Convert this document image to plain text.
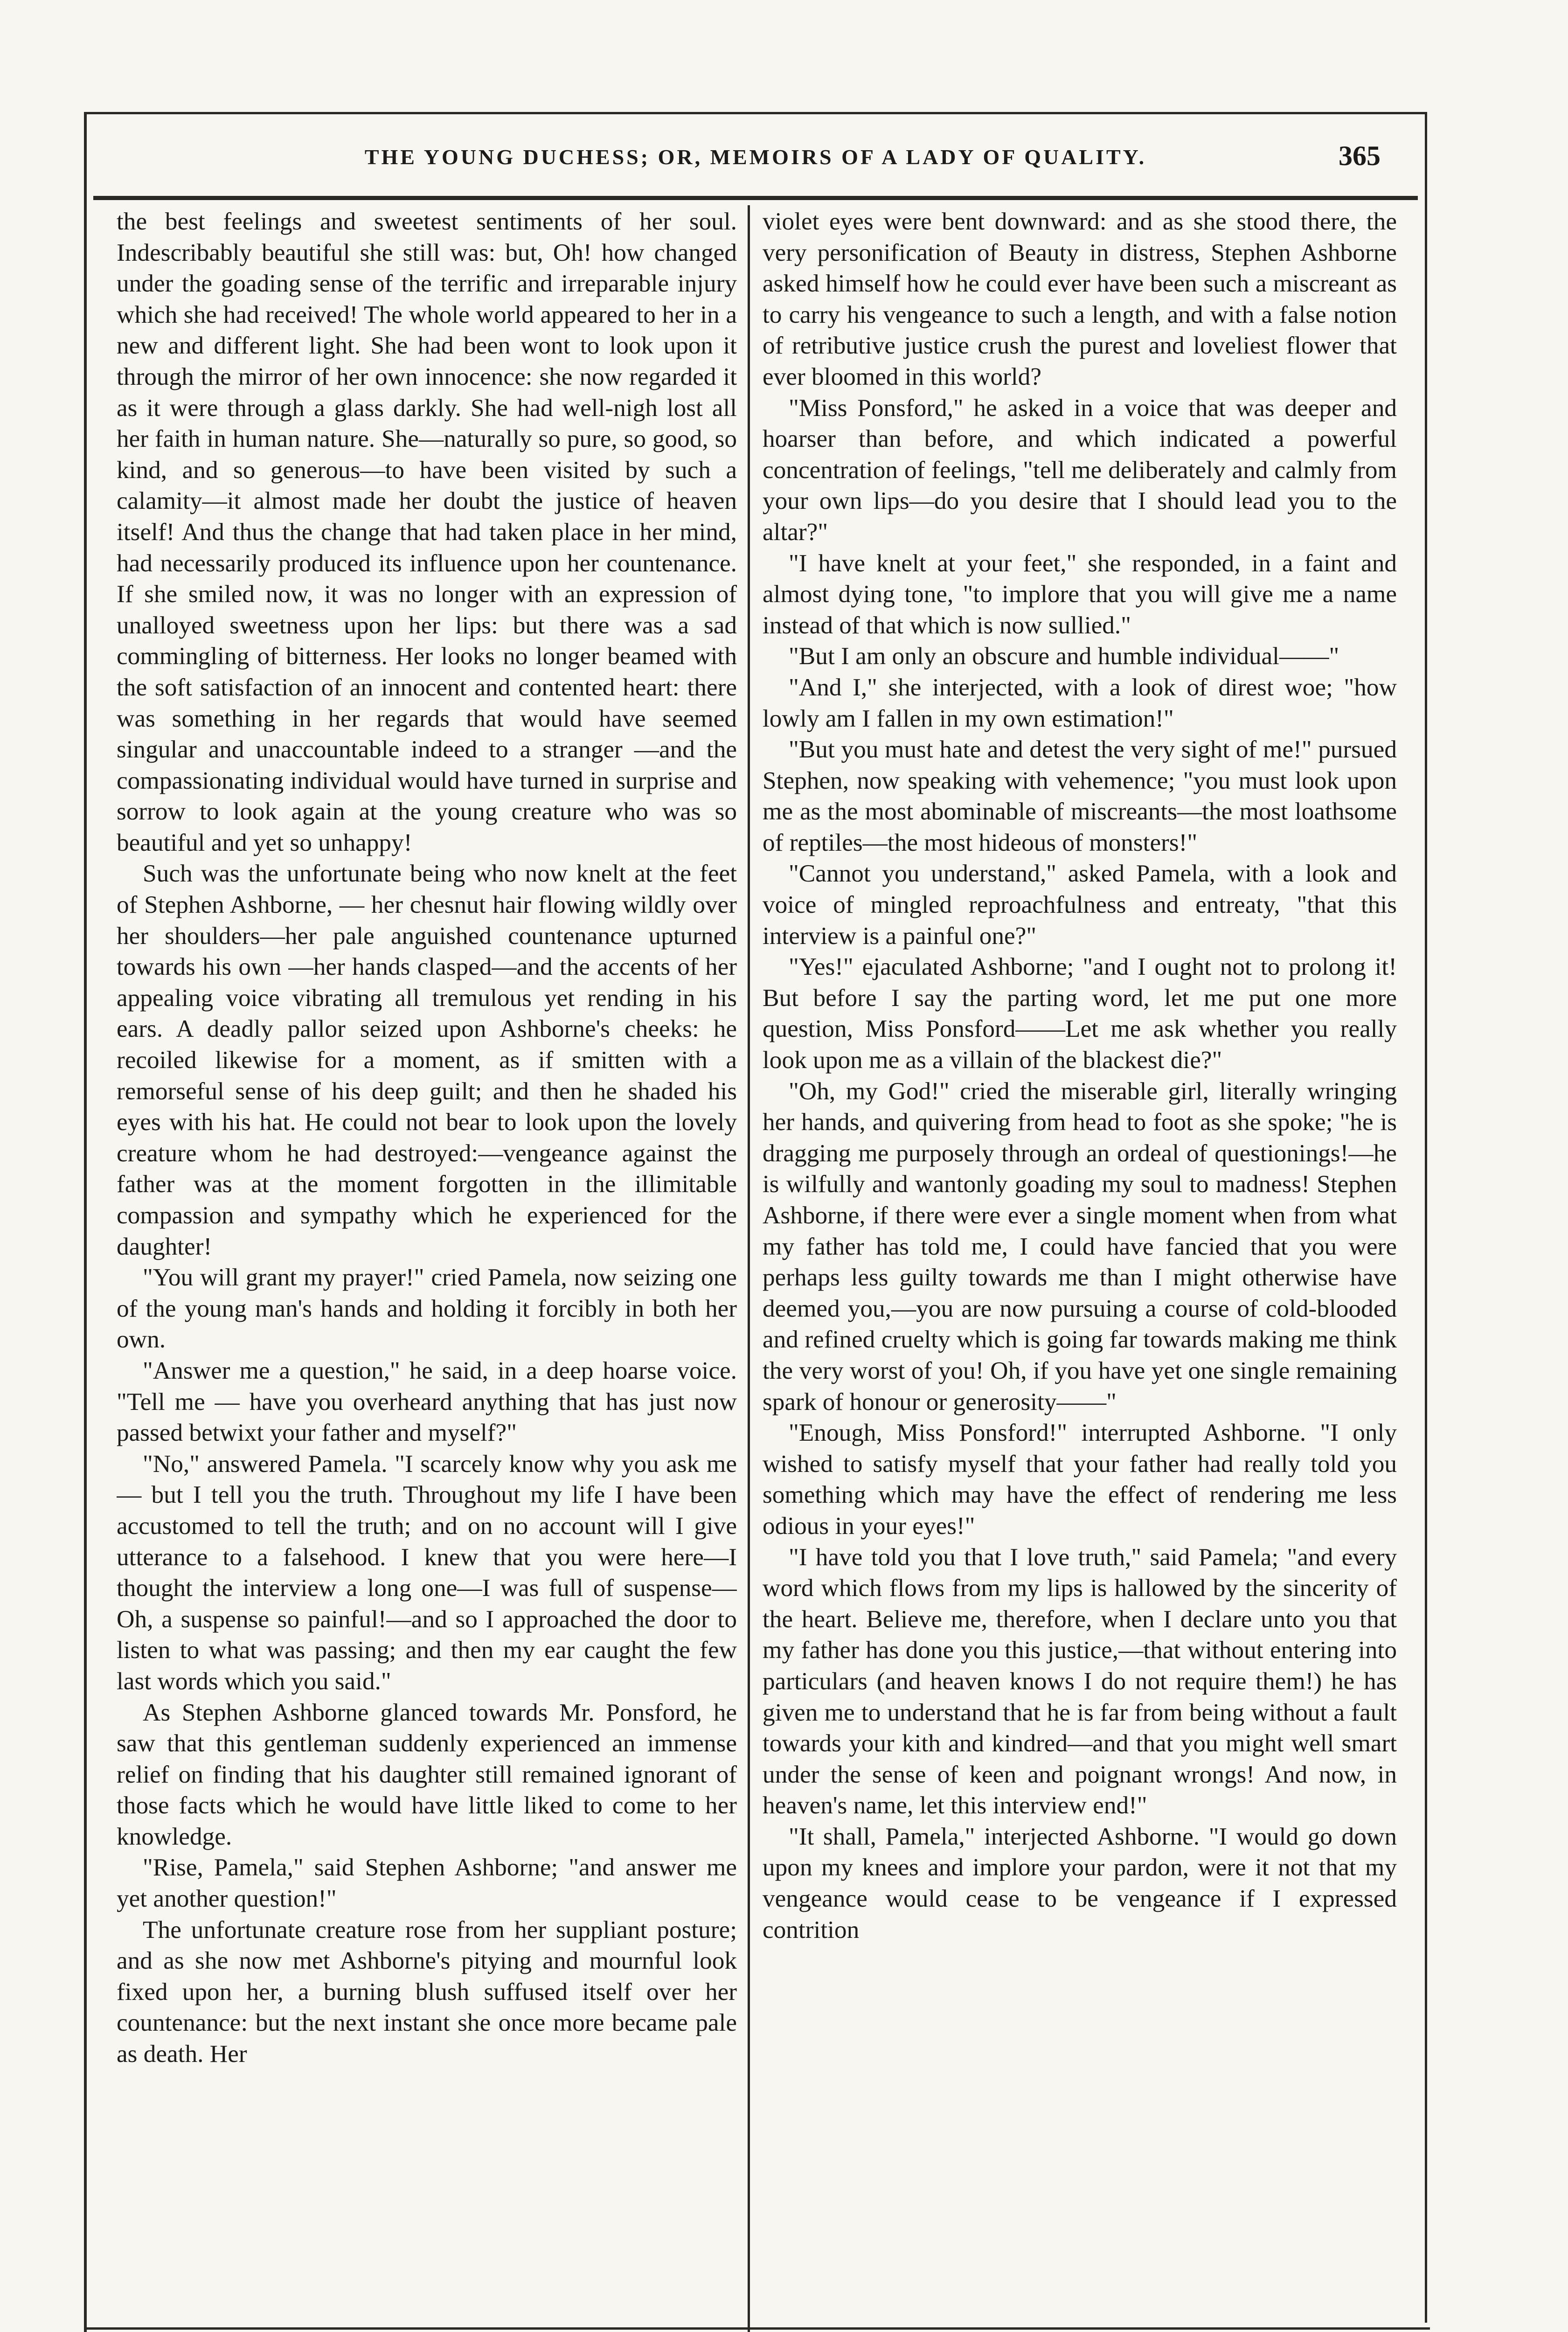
THE YOUNG DUCHESS; OR, MEMOIRS OF A LADY OF QUALITY.	365

the best feelings and sweetest sentiments of her soul. Indescribably beautiful she still was: but, Oh! how changed under the goading sense of the terrific and irreparable injury which she had received! The whole world appeared to her in a new and different light. She had been wont to look upon it through the mirror of her own innocence: she now regarded it as it were through a glass darkly. She had well-nigh lost all her faith in human nature. She—naturally so pure, so good, so kind, and so generous—to have been visited by such a calamity—it almost made her doubt the justice of heaven itself! And thus the change that had taken place in her mind, had necessarily produced its influence upon her countenance. If she smiled now, it was no longer with an expression of unalloyed sweetness upon her lips: but there was a sad commingling of bitterness. Her looks no longer beamed with the soft satisfaction of an innocent and contented heart: there was something in her regards that would have seemed singular and unaccountable indeed to a stranger —and the compassionating individual would have turned in surprise and sorrow to look again at the young creature who was so beautiful and yet so unhappy!

Such was the unfortunate being who now knelt at the feet of Stephen Ashborne, — her chesnut hair flowing wildly over her shoulders—her pale anguished countenance upturned towards his own —her hands clasped—and the accents of her appealing voice vibrating all tremulous yet rending in his ears. A deadly pallor seized upon Ashborne's cheeks: he recoiled likewise for a moment, as if smitten with a remorseful sense of his deep guilt; and then he shaded his eyes with his hat. He could not bear to look upon the lovely creature whom he had destroyed:—vengeance against the father was at the moment forgotten in the illimitable compassion and sympathy which he experienced for the daughter!

"You will grant my prayer!" cried Pamela, now seizing one of the young man's hands and holding it forcibly in both her own.

"Answer me a question," he said, in a deep hoarse voice. "Tell me — have you overheard anything that has just now passed betwixt your father and myself?"

"No," answered Pamela. "I scarcely know why you ask me — but I tell you the truth. Throughout my life I have been accustomed to tell the truth; and on no account will I give utterance to a falsehood. I knew that you were here—I thought the interview a long one—I was full of suspense—Oh, a suspense so painful!—and so I approached the door to listen to what was passing; and then my ear caught the few last words which you said."

As Stephen Ashborne glanced towards Mr. Ponsford, he saw that this gentleman suddenly experienced an immense relief on finding that his daughter still remained ignorant of those facts which he would have little liked to come to her knowledge.

"Rise, Pamela," said Stephen Ashborne; "and answer me yet another question!"

The unfortunate creature rose from her suppliant posture; and as she now met Ashborne's pitying and mournful look fixed upon her, a burning blush suffused itself over her countenance: but the next instant she once more became pale as death. Her

violet eyes were bent downward: and as she stood there, the very personification of Beauty in distress, Stephen Ashborne asked himself how he could ever have been such a miscreant as to carry his vengeance to such a length, and with a false notion of retributive justice crush the purest and loveliest flower that ever bloomed in this world?

"Miss Ponsford," he asked in a voice that was deeper and hoarser than before, and which indicated a powerful concentration of feelings, "tell me deliberately and calmly from your own lips—do you desire that I should lead you to the altar?"

"I have knelt at your feet," she responded, in a faint and almost dying tone, "to implore that you will give me a name instead of that which is now sullied."

"But I am only an obscure and humble individual——"

"And I," she interjected, with a look of direst woe; "how lowly am I fallen in my own estimation!"

"But you must hate and detest the very sight of me!" pursued Stephen, now speaking with vehemence; "you must look upon me as the most abominable of miscreants—the most loathsome of reptiles—the most hideous of monsters!"

"Cannot you understand," asked Pamela, with a look and voice of mingled reproachfulness and entreaty, "that this interview is a painful one?"

"Yes!" ejaculated Ashborne; "and I ought not to prolong it! But before I say the parting word, let me put one more question, Miss Ponsford——Let me ask whether you really look upon me as a villain of the blackest die?"

"Oh, my God!" cried the miserable girl, literally wringing her hands, and quivering from head to foot as she spoke; "he is dragging me purposely through an ordeal of questionings!—he is wilfully and wantonly goading my soul to madness! Stephen Ashborne, if there were ever a single moment when from what my father has told me, I could have fancied that you were perhaps less guilty towards me than I might otherwise have deemed you,—you are now pursuing a course of cold-blooded and refined cruelty which is going far towards making me think the very worst of you! Oh, if you have yet one single remaining spark of honour or generosity——"

"Enough, Miss Ponsford!" interrupted Ashborne. "I only wished to satisfy myself that your father had really told you something which may have the effect of rendering me less odious in your eyes!"

"I have told you that I love truth," said Pamela; "and every word which flows from my lips is hallowed by the sincerity of the heart. Believe me, therefore, when I declare unto you that my father has done you this justice,—that without entering into particulars (and heaven knows I do not require them!) he has given me to understand that he is far from being without a fault towards your kith and kindred—and that you might well smart under the sense of keen and poignant wrongs! And now, in heaven's name, let this interview end!"

"It shall, Pamela," interjected Ashborne. "I would go down upon my knees and implore your pardon, were it not that my vengeance would cease to be vengeance if I expressed contrition
